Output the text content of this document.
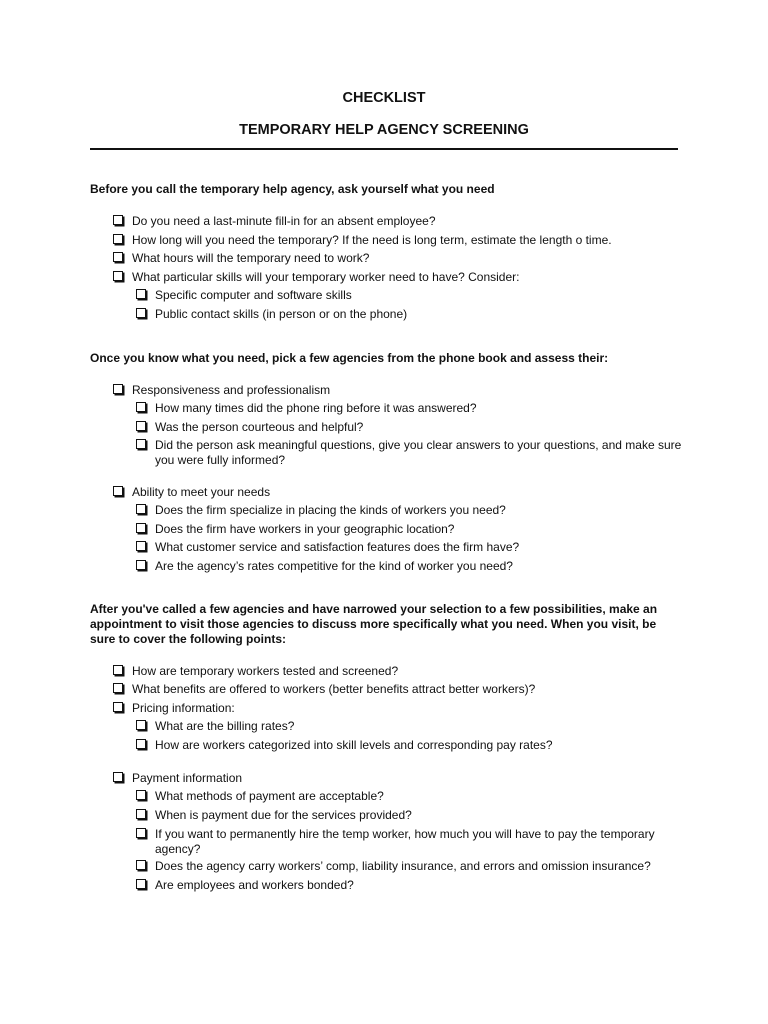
CHECKLIST
TEMPORARY HELP AGENCY SCREENING
Before you call the temporary help agency, ask yourself what you need
Do you need a last-minute fill-in for an absent employee?
How long will you need the temporary? If the need is long term, estimate the length o time.
What hours will the temporary need to work?
What particular skills will your temporary worker need to have? Consider:
Specific computer and software skills
Public contact skills (in person or on the phone)
Once you know what you need, pick a few agencies from the phone book and assess their:
Responsiveness and professionalism
How many times did the phone ring before it was answered?
Was the person courteous and helpful?
Did the person ask meaningful questions, give you clear answers to your questions, and make sure you were fully informed?
Ability to meet your needs
Does the firm specialize in placing the kinds of workers you need?
Does the firm have workers in your geographic location?
What customer service and satisfaction features does the firm have?
Are the agency’s rates competitive for the kind of worker you need?
After you've called a few agencies and have narrowed your selection to a few possibilities, make an appointment to visit those agencies to discuss more specifically what you need. When you visit, be sure to cover the following points:
How are temporary workers tested and screened?
What benefits are offered to workers (better benefits attract better workers)?
Pricing information:
What are the billing rates?
How are workers categorized into skill levels and corresponding pay rates?
Payment information
What methods of payment are acceptable?
When is payment due for the services provided?
If you want to permanently hire the temp worker, how much you will have to pay the temporary agency?
Does the agency carry workers’ comp, liability insurance, and errors and omission insurance?
Are employees and workers bonded?
